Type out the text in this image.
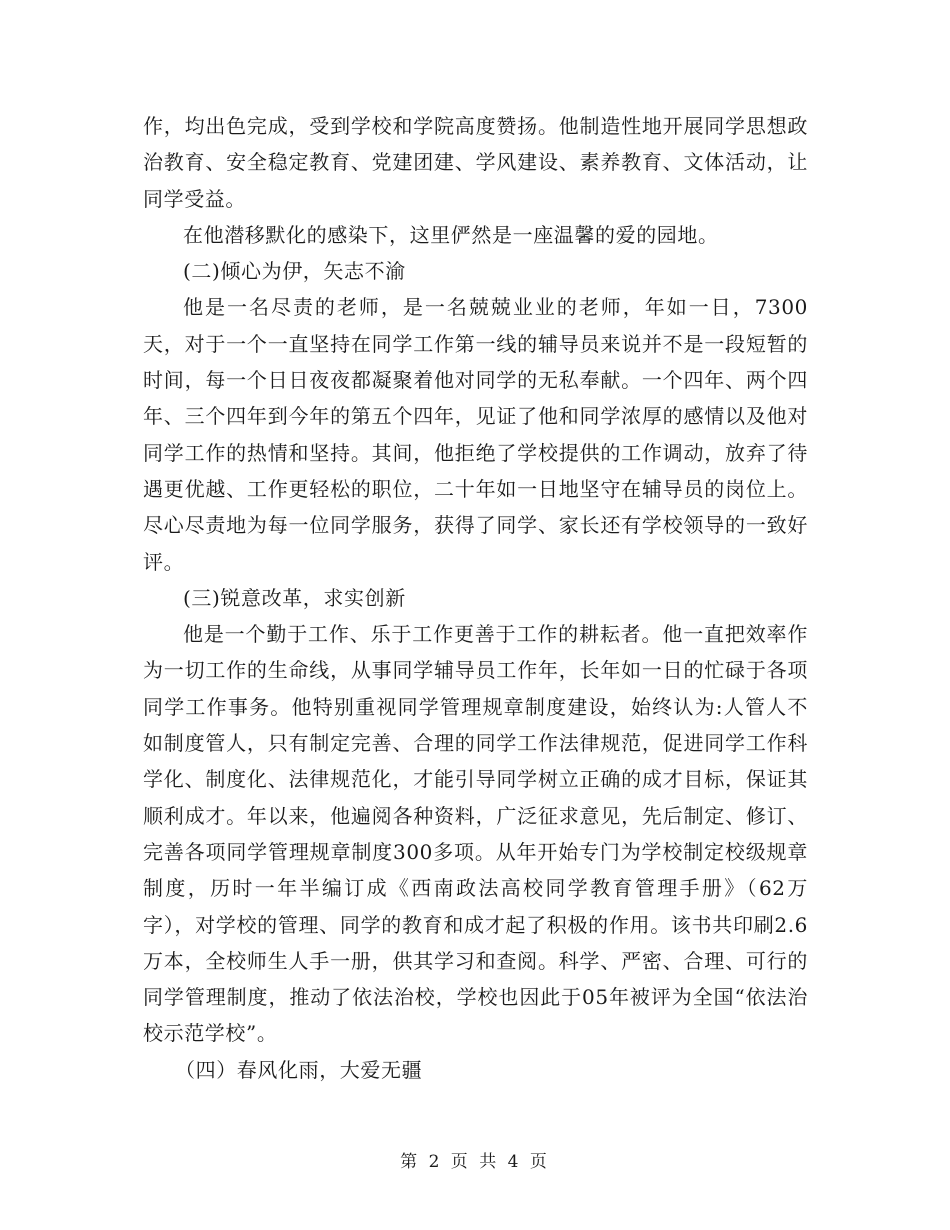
作，均出色完成，受到学校和学院高度赞扬。他制造性地开展同学思想政治教育、安全稳定教育、党建团建、学风建设、素养教育、文体活动，让同学受益。

在他潜移默化的感染下，这里俨然是一座温馨的爱的园地。

(二)倾心为伊，矢志不渝

他是一名尽责的老师，是一名兢兢业业的老师，年如一日，7300天，对于一个一直坚持在同学工作第一线的辅导员来说并不是一段短暂的时间，每一个日日夜夜都凝聚着他对同学的无私奉献。一个四年、两个四年、三个四年到今年的第五个四年，见证了他和同学浓厚的感情以及他对同学工作的热情和坚持。其间，他拒绝了学校提供的工作调动，放弃了待遇更优越、工作更轻松的职位，二十年如一日地坚守在辅导员的岗位上。尽心尽责地为每一位同学服务，获得了同学、家长还有学校领导的一致好评。

(三)锐意改革，求实创新

他是一个勤于工作、乐于工作更善于工作的耕耘者。他一直把效率作为一切工作的生命线，从事同学辅导员工作年，长年如一日的忙碌于各项同学工作事务。他特别重视同学管理规章制度建设，始终认为:人管人不如制度管人，只有制定完善、合理的同学工作法律规范，促进同学工作科学化、制度化、法律规范化，才能引导同学树立正确的成才目标，保证其顺利成才。年以来，他遍阅各种资料，广泛征求意见，先后制定、修订、完善各项同学管理规章制度300多项。从年开始专门为学校制定校级规章制度，历时一年半编订成《西南政法高校同学教育管理手册》（62万字），对学校的管理、同学的教育和成才起了积极的作用。该书共印刷2.6万本，全校师生人手一册，供其学习和查阅。科学、严密、合理、可行的同学管理制度，推动了依法治校，学校也因此于05年被评为全国“依法治校示范学校”。

（四）春风化雨，大爱无疆

第 2 页 共 4 页
